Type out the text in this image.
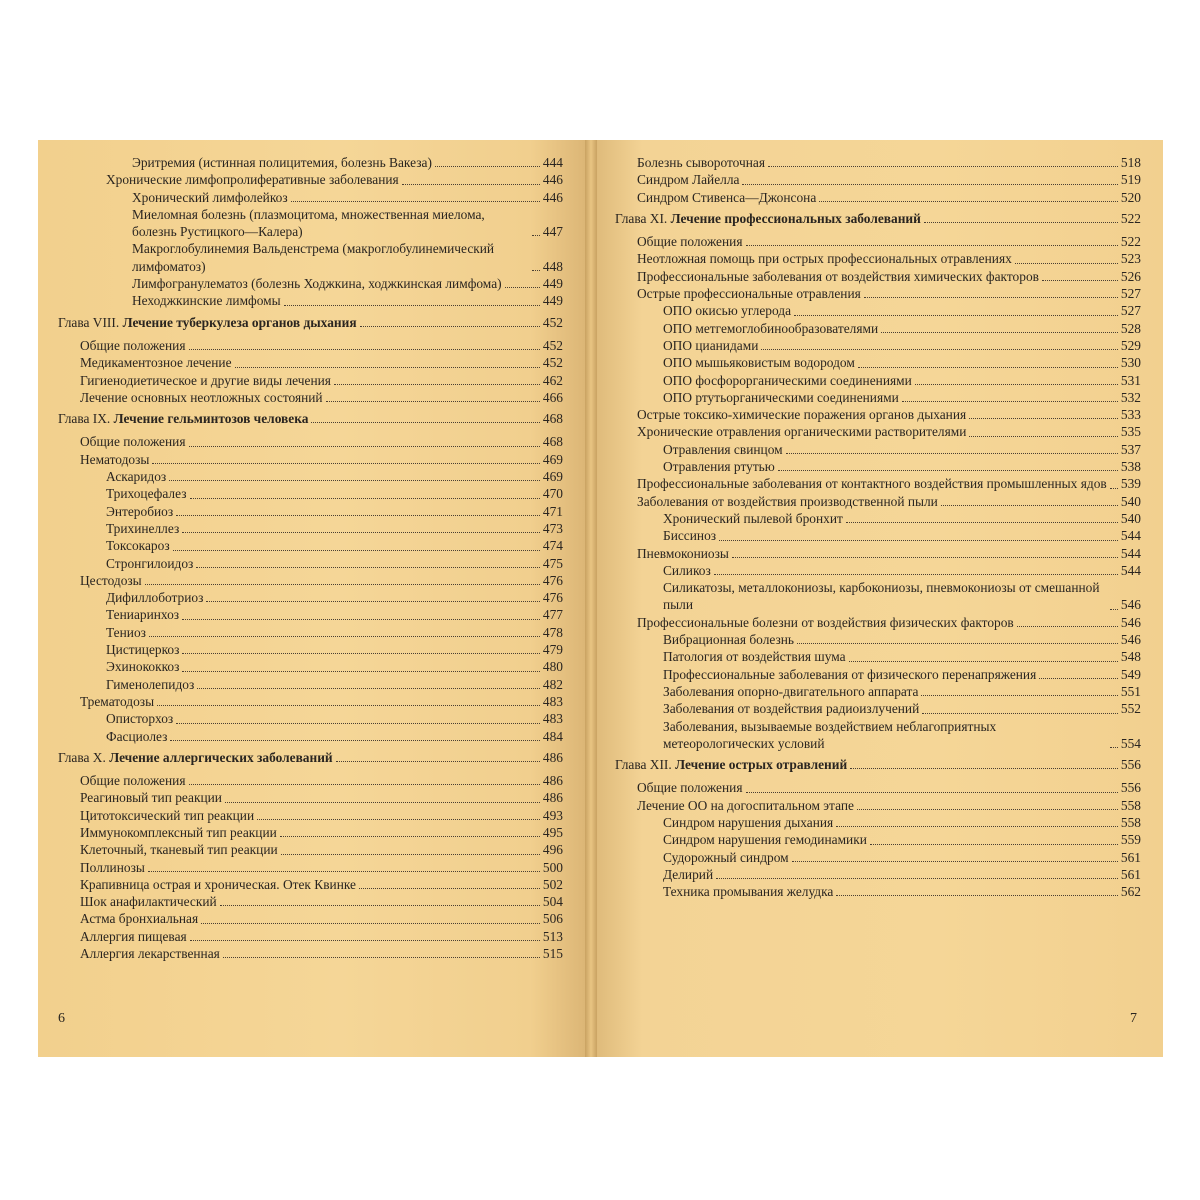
Эритремия (истинная полицитемия, болезнь Вакеза)	444
Хронические лимфопролиферативные заболевания	446
Хронический лимфолейкоз	446
Миеломная болезнь (плазмоцитома, множественная миелома, болезнь Рустицкого—Калера)	447
Макроглобулинемия Вальденстрема (макроглобулинемический лимфоматоз)	448
Лимфогранулематоз (болезнь Ходжкина, ходжкинская лимфома)	449
Неходжкинские лимфомы	449
Глава VIII. Лечение туберкулеза органов дыхания	452
Общие положения	452
Медикаментозное лечение	452
Гигиенодиетическое и другие виды лечения	462
Лечение основных неотложных состояний	466
Глава IX. Лечение гельминтозов человека	468
Общие положения	468
Нематодозы	469
Аскаридоз	469
Трихоцефалез	470
Энтеробиоз	471
Трихинеллез	473
Токсокароз	474
Стронгилоидоз	475
Цестодозы	476
Дифиллоботриоз	476
Тениаринхоз	477
Тениоз	478
Цистицеркоз	479
Эхинококкоз	480
Гименолепидоз	482
Трематодозы	483
Описторхоз	483
Фасциолез	484
Глава X. Лечение аллергических заболеваний	486
Общие положения	486
Реагиновый тип реакции	486
Цитотоксический тип реакции	493
Иммунокомплексный тип реакции	495
Клеточный, тканевый тип реакции	496
Поллинозы	500
Крапивница острая и хроническая. Отек Квинке	502
Шок анафилактический	504
Астма бронхиальная	506
Аллергия пищевая	513
Аллергия лекарственная	515
6
Болезнь сывороточная	518
Синдром Лайелла	519
Синдром Стивенса—Джонсона	520
Глава XI. Лечение профессиональных заболеваний	522
Общие положения	522
Неотложная помощь при острых профессиональных отравлениях	523
Профессиональные заболевания от воздействия химических факторов	526
Острые профессиональные отравления	527
ОПО окисью углерода	527
ОПО метгемоглобинообразователями	528
ОПО цианидами	529
ОПО мышьяковистым водородом	530
ОПО фосфорорганическими соединениями	531
ОПО ртутьорганическими соединениями	532
Острые токсико-химические поражения органов дыхания	533
Хронические отравления органическими растворителями	535
Отравления свинцом	537
Отравления ртутью	538
Профессиональные заболевания от контактного воздействия промышленных ядов 539
Заболевания от воздействия производственной пыли	540
Хронический пылевой бронхит	540
Биссиноз	544
Пневмокониозы	544
Силикоз	544
Силикатозы, металлокониозы, карбокониозы, пневмокониозы от смешанной пыли	546
Профессиональные болезни от воздействия физических факторов	546
Вибрационная болезнь	546
Патология от воздействия шума	548
Профессиональные заболевания от физического перенапряжения	549
Заболевания опорно-двигательного аппарата	551
Заболевания от воздействия радиоизлучений	552
Заболевания, вызываемые воздействием неблагоприятных метеорологических условий	554
Глава XII. Лечение острых отравлений	556
Общие положения	556
Лечение ОО на догоспитальном этапе	558
Синдром нарушения дыхания	558
Синдром нарушения гемодинамики	559
Судорожный синдром	561
Делирий	561
Техника промывания желудка	562
7
